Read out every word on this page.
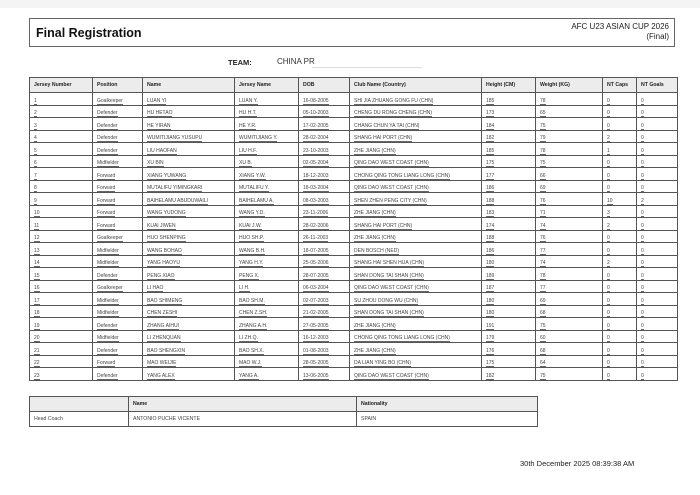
Final Registration	AFC U23 ASIAN CUP 2026
(Final)
TEAM:	CHINA PR
Jersey Number	Position	Name	Jersey Name	DOB	Club Name (Country)	Height (CM)	Weight (KG)	NT Caps	NT Goals
1	Goalkeeper	LUAN YI	LUAN Y.	16-08-2005	SHI JIA ZHUANG GONG FU (CHN)	185	78	0	0
2	Defender	HU HETAO	HU H.T.	05-10-2003	CHENG DU RONG CHENG (CHN)	173	65	0	0
3	Defender	HE YIRAN	HE Y.R.	17-02-2005	CHANG CHUN YA TAI (CHN)	184	75	0	0
4	Defender	WUMITIJIANG YUSUPU	WUMITIJIANG Y.	28-02-2004	SHANG HAI PORT (CHN)	182	79	2	0
5	Defender	LIU HAOFAN	LIU H.F.	23-10-2003	ZHE JIANG (CHN)	185	78	1	0
6	Midfielder	XU BIN	XU B.	02-05-2004	QING DAO WEST COAST (CHN)	175	75	0	0
7	Forward	XIANG YUWANG	XIANG Y.W.	18-12-2003	CHONG QING TONG LIANG LONG (CHN)	177	66	0	0
8	Forward	MUTALIFU YIMINGKARI	MUTALIFU Y.	18-03-2004	QING DAO WEST COAST (CHN)	186	69	0	0
9	Forward	BAIHELAMU ABUDUWAILI	BAIHELAMU A.	08-03-2003	SHEN ZHEN PENG CITY (CHN)	188	76	10	2
10	Forward	WANG YUDONG	WANG Y.D.	23-11-2006	ZHE JIANG (CHN)	183	71	3	0
11	Forward	KUAI JIWEN	KUAI J.W.	28-02-2006	SHANG HAI PORT (CHN)	174	74	2	0
12	Goalkeeper	HUO SHENPING	HUO SH.P.	26-11-2003	ZHE JIANG (CHN)	188	76	0	0
13	Midfielder	WANG BOHAO	WANG B.H.	18-07-2005	DEN BOSCH (NED)	186	77	0	0
14	Midfielder	YANG HAOYU	YANG H.Y.	25-05-2006	SHANG HAI SHEN HUA (CHN)	180	74	2	0
15	Defender	PENG XIAO	PENG X.	28-07-2005	SHAN DONG TAI SHAN (CHN)	189	78	0	0
16	Goalkeeper	LI HAO	LI H.	06-03-2004	QING DAO WEST COAST (CHN)	187	77	0	0
17	Midfielder	BAO SHIMENG	BAO SH.M.	02-07-2003	SU ZHOU DONG WU (CHN)	180	69	0	0
18	Midfielder	CHEN ZESHI	CHEN Z.SH.	21-02-2005	SHAN DONG TAI SHAN (CHN)	180	68	0	0
19	Defender	ZHANG AIHUI	ZHANG A.H.	27-05-2005	ZHE JIANG (CHN)	191	75	0	0
20	Midfielder	LI ZHENQUAN	LI ZH.Q.	16-12-2003	CHONG QING TONG LIANG LONG (CHN)	179	60	0	0
21	Defender	BAO SHENGXIN	BAO SH.X.	01-08-2003	ZHE JIANG (CHN)	176	68	0	0
22	Forward	MAO WEIJIE	MAO W.J.	28-05-2005	DA LIAN YING BO (CHN)	175	64	0	0
23	Defender	YANG ALEX	YANG A.	13-06-2005	QING DAO WEST COAST (CHN)	182	75	0	0
	Name	Nationality
Head Coach	ANTONIO PUCHE VICENTE	SPAIN
30th December 2025 08:39:38 AM
